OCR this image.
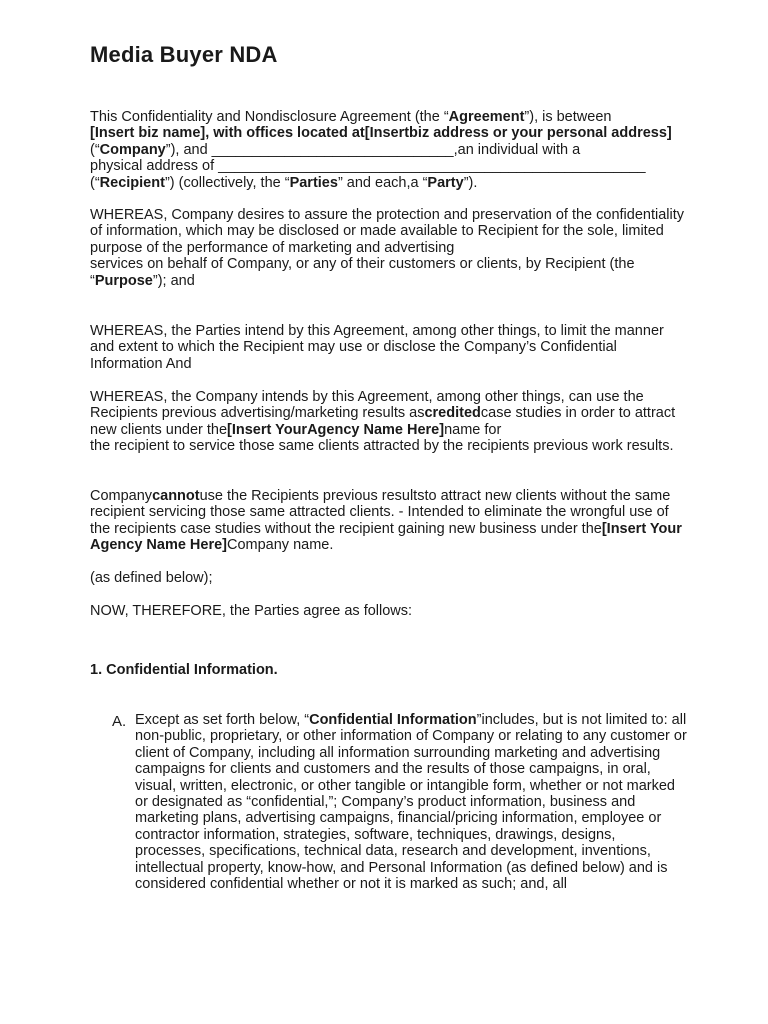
Media Buyer NDA

This Confidentiality and Nondisclosure Agreement (the “Agreement”), is between
[Insert biz name], with offices located at[Insertbiz address or your personal address](“Company”), and ______________________________,an individual with a
physical address of _____________________________________________________
(“Recipient”) (collectively, the “Parties” and each,a “Party”).

WHEREAS, Company desires to assure the protection and preservation of the confidentiality of information, which may be disclosed or made available to Recipient for the sole, limited purpose of the performance of marketing and advertising
services on behalf of Company, or any of their customers or clients, by Recipient (the “Purpose”); and

WHEREAS, the Parties intend by this Agreement, among other things, to limit the manner and extent to which the Recipient may use or disclose the Company’s Confidential Information And

WHEREAS, the Company intends by this Agreement, among other things, can use the Recipients previous advertising/marketing results ascreditedcase studies in order to attract new clients under the[Insert YourAgency Name Here]name for
the recipient to service those same clients attracted by the recipients previous work results.

Companycannotuse the Recipients previous resultsto attract new clients without the same recipient servicing those same attracted clients. - Intended to eliminate the wrongful use of the recipients case studies without the recipient gaining new business under the[Insert Your Agency Name Here]Company name.

(as defined below);

NOW, THEREFORE, the Parties agree as follows:

1. Confidential Information.
A. Except as set forth below, “Confidential Information”includes, but is not limited to: all non-public, proprietary, or other information of Company or relating to any customer or client of Company, including all information surrounding marketing and advertising campaigns for clients and customers and the results of those campaigns, in oral, visual, written, electronic, or other tangible or intangible form, whether or not marked or designated as “confidential,”; Company’s product information, business and marketing plans, advertising campaigns, financial/pricing information, employee or contractor information, strategies, software, techniques, drawings, designs, processes, specifications, technical data, research and development, inventions, intellectual property, know-how, and Personal Information (as defined below) and is considered confidential whether or not it is marked as such; and, all
